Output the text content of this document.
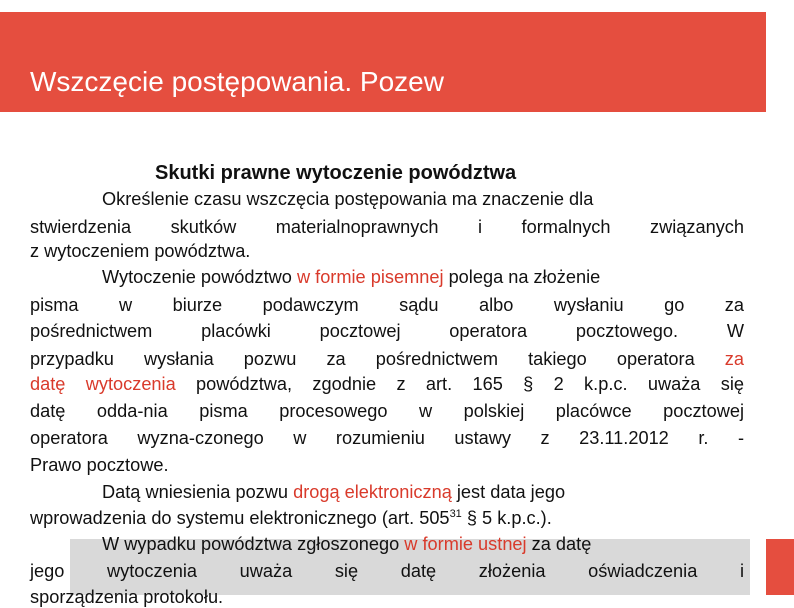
Wszczęcie postępowania. Pozew
Skutki prawne wytoczenie powództwa
Określenie czasu wszczęcia postępowania ma znaczenie dla
stwierdzenia skutków materialnoprawnych i formalnych związanych
z wytoczeniem powództwa.
Wytoczenie powództwo w formie pisemnej polega na złożenie
pisma w biurze podawczym sądu albo wysłaniu go za
pośrednictwem placówki pocztowej operatora pocztowego. W
przypadku wysłania pozwu za pośrednictwem takiego operatora za
datę wytoczenia powództwa, zgodnie z art. 165 § 2 k.p.c. uważa się
datę odda-nia pisma procesowego w polskiej placówce pocztowej
operatora wyzna-czonego w rozumieniu ustawy z 23.11.2012 r. -
Prawo pocztowe.
Datą wniesienia pozwu drogą elektroniczną jest data jego
wprowadzenia do systemu elektronicznego (art. $505^{31}$ § 5 k.p.c.).
W wypadku powództwa zgłoszonego w formie ustnej za datę
jego wytoczenia uważa się datę złożenia oświadczenia i
sporządzenia protokołu.
